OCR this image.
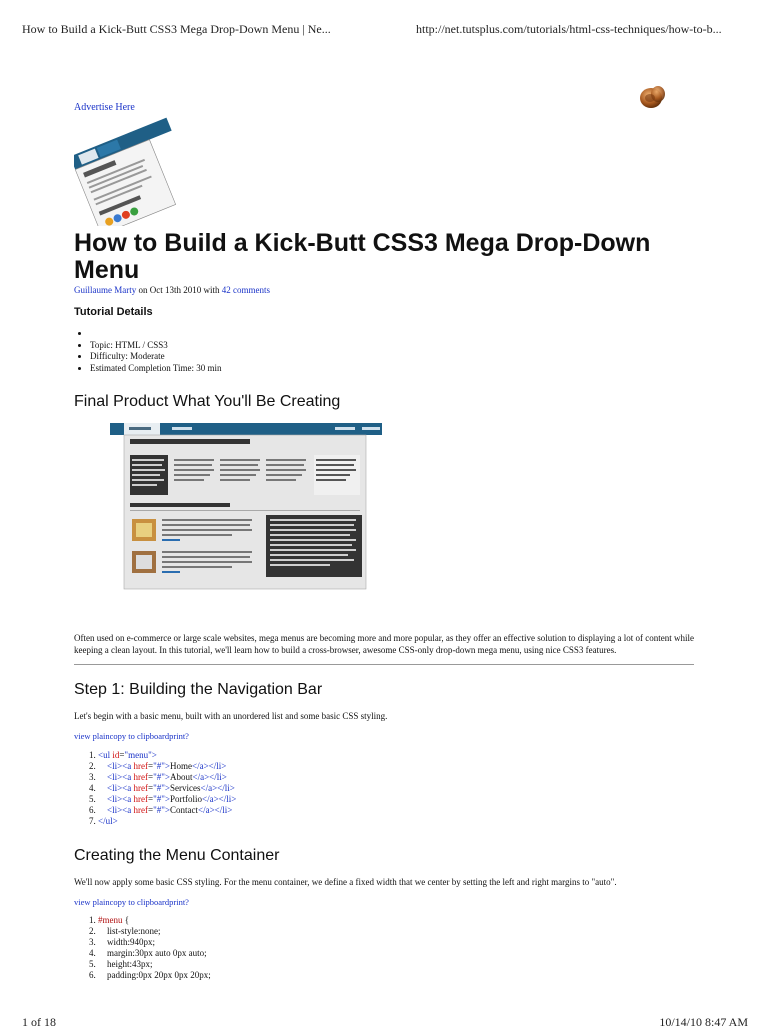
How to Build a Kick-Butt CSS3 Mega Drop-Down Menu | Ne...	http://net.tutsplus.com/tutorials/html-css-techniques/how-to-b...
Advertise Here
How to Build a Kick-Butt CSS3 Mega Drop-Down Menu
Guillaume Marty on Oct 13th 2010 with 42 comments
Tutorial Details
•
• Topic: HTML / CSS3
• Difficulty: Moderate
• Estimated Completion Time: 30 min
Final Product What You'll Be Creating

Often used on e-commerce or large scale websites, mega menus are becoming more and more popular, as they offer an effective solution to displaying a lot of content while keeping a clean layout. In this tutorial, we'll learn how to build a cross-browser, awesome CSS-only drop-down mega menu, using nice CSS3 features.

Step 1: Building the Navigation Bar

Let's begin with a basic menu, built with an unordered list and some basic CSS styling.

view plaincopy to clipboardprint?
1. <ul id="menu">
2. <li><a href="#">Home</a></li>
3. <li><a href="#">About</a></li>
4. <li><a href="#">Services</a></li>
5. <li><a href="#">Portfolio</a></li>
6. <li><a href="#">Contact</a></li>
7. </ul>
Creating the Menu Container

We'll now apply some basic CSS styling. For the menu container, we define a fixed width that we center by setting the left and right margins to "auto".

view plaincopy to clipboardprint?
1. #menu {
2.     list-style:none;
3.     width:940px;
4.     margin:30px auto 0px auto;
5.     height:43px;
6.     padding:0px 20px 0px 20px;
1 of 18	10/14/10 8:47 AM
